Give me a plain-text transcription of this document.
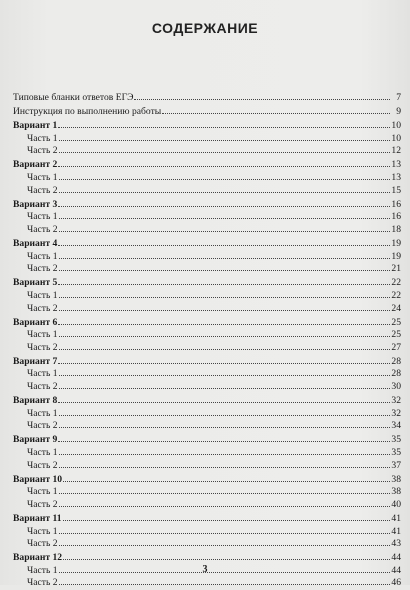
СОДЕРЖАНИЕ
Типовые бланки ответов ЕГЭ	7
Инструкция по выполнению работы	9
Вариант 1	10
Часть 1	10
Часть 2	12
Вариант 2	13
Часть 1	13
Часть 2	15
Вариант 3	16
Часть 1	16
Часть 2	18
Вариант 4	19
Часть 1	19
Часть 2	21
Вариант 5	22
Часть 1	22
Часть 2	24
Вариант 6	25
Часть 1	25
Часть 2	27
Вариант 7	28
Часть 1	28
Часть 2	30
Вариант 8	32
Часть 1	32
Часть 2	34
Вариант 9	35
Часть 1	35
Часть 2	37
Вариант 10	38
Часть 1	38
Часть 2	40
Вариант 11	41
Часть 1	41
Часть 2	43
Вариант 12	44
Часть 1	44
Часть 2	46
3
